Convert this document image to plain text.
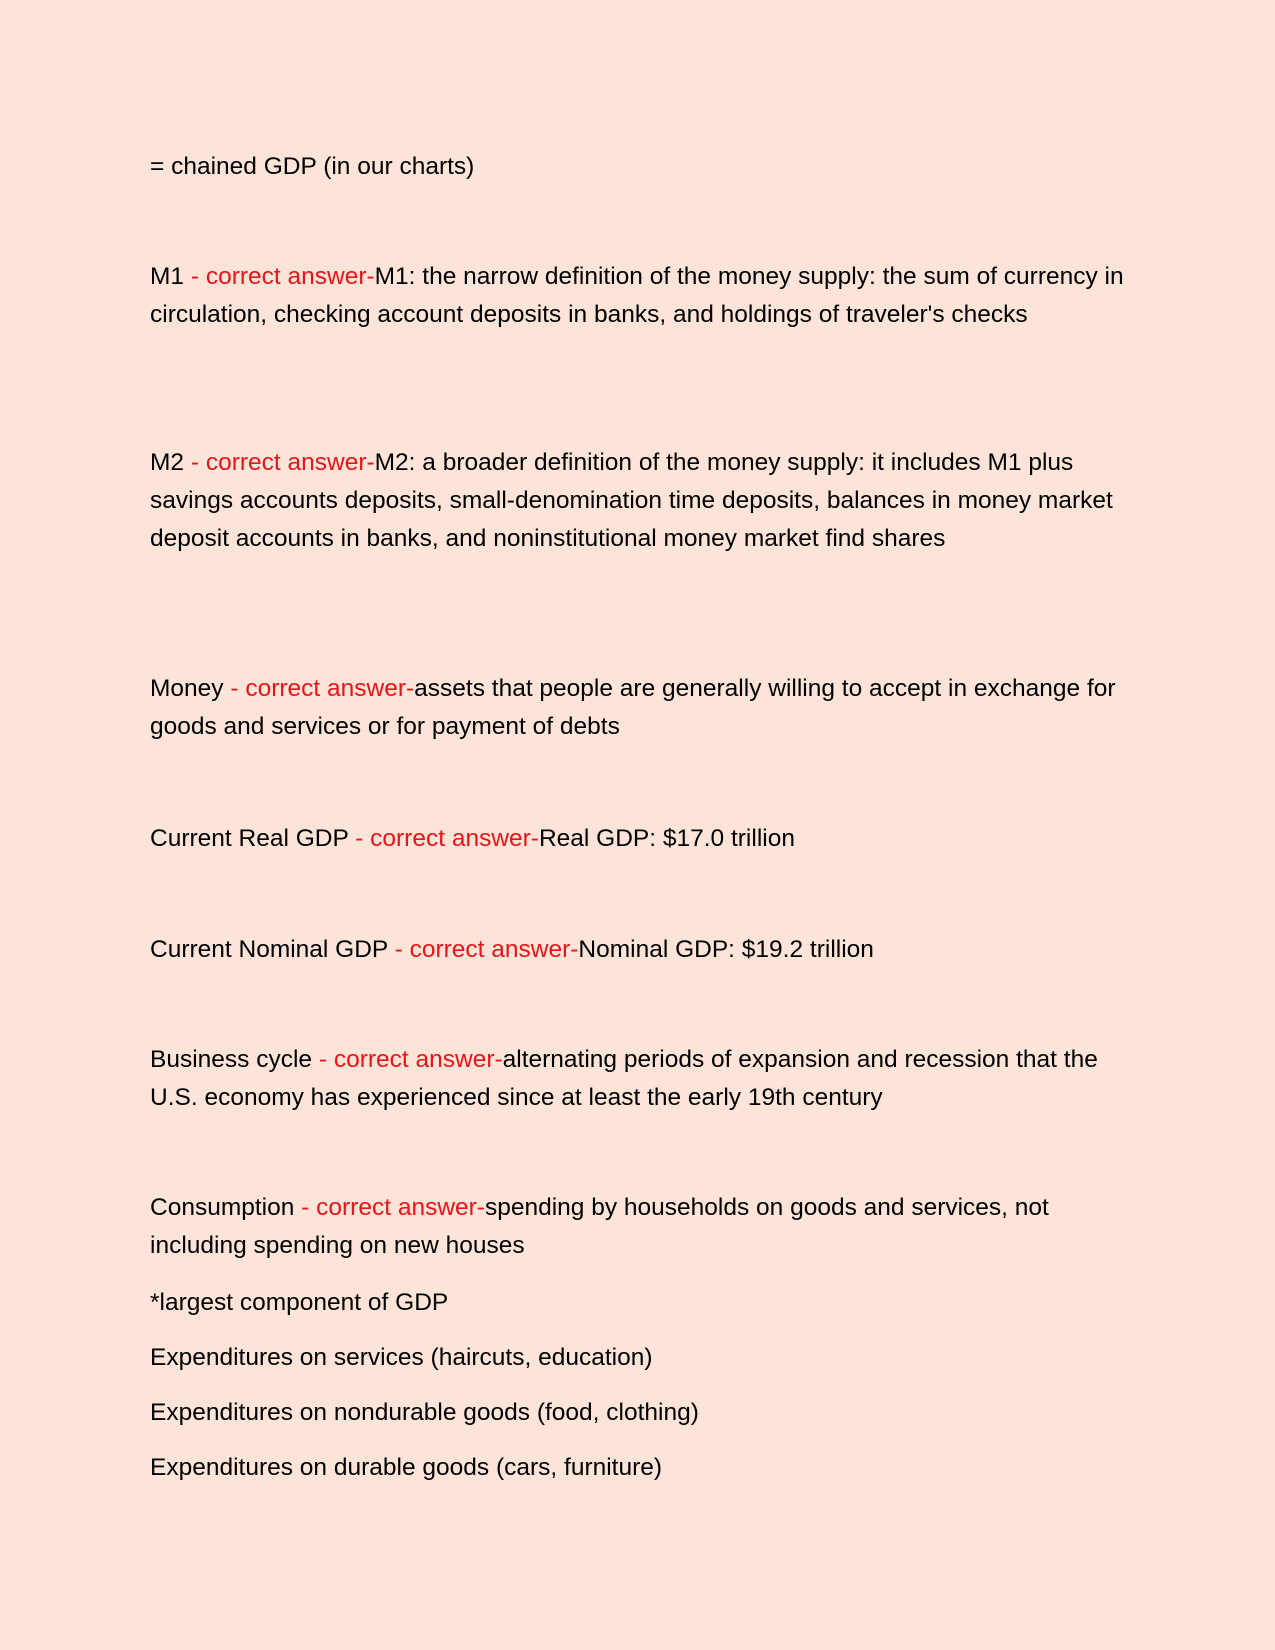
= chained GDP (in our charts)
M1 - correct answer-M1: the narrow definition of the money supply: the sum of currency in circulation, checking account deposits in banks, and holdings of traveler's checks
M2 - correct answer-M2: a broader definition of the money supply: it includes M1 plus savings accounts deposits, small-denomination time deposits, balances in money market deposit accounts in banks, and noninstitutional money market find shares
Money - correct answer-assets that people are generally willing to accept in exchange for goods and services or for payment of debts
Current Real GDP - correct answer-Real GDP: $17.0 trillion
Current Nominal GDP - correct answer-Nominal GDP: $19.2 trillion
Business cycle - correct answer-alternating periods of expansion and recession that the U.S. economy has experienced since at least the early 19th century
Consumption - correct answer-spending by households on goods and services, not including spending on new houses
*largest component of GDP
Expenditures on services (haircuts, education)
Expenditures on nondurable goods (food, clothing)
Expenditures on durable goods (cars, furniture)
